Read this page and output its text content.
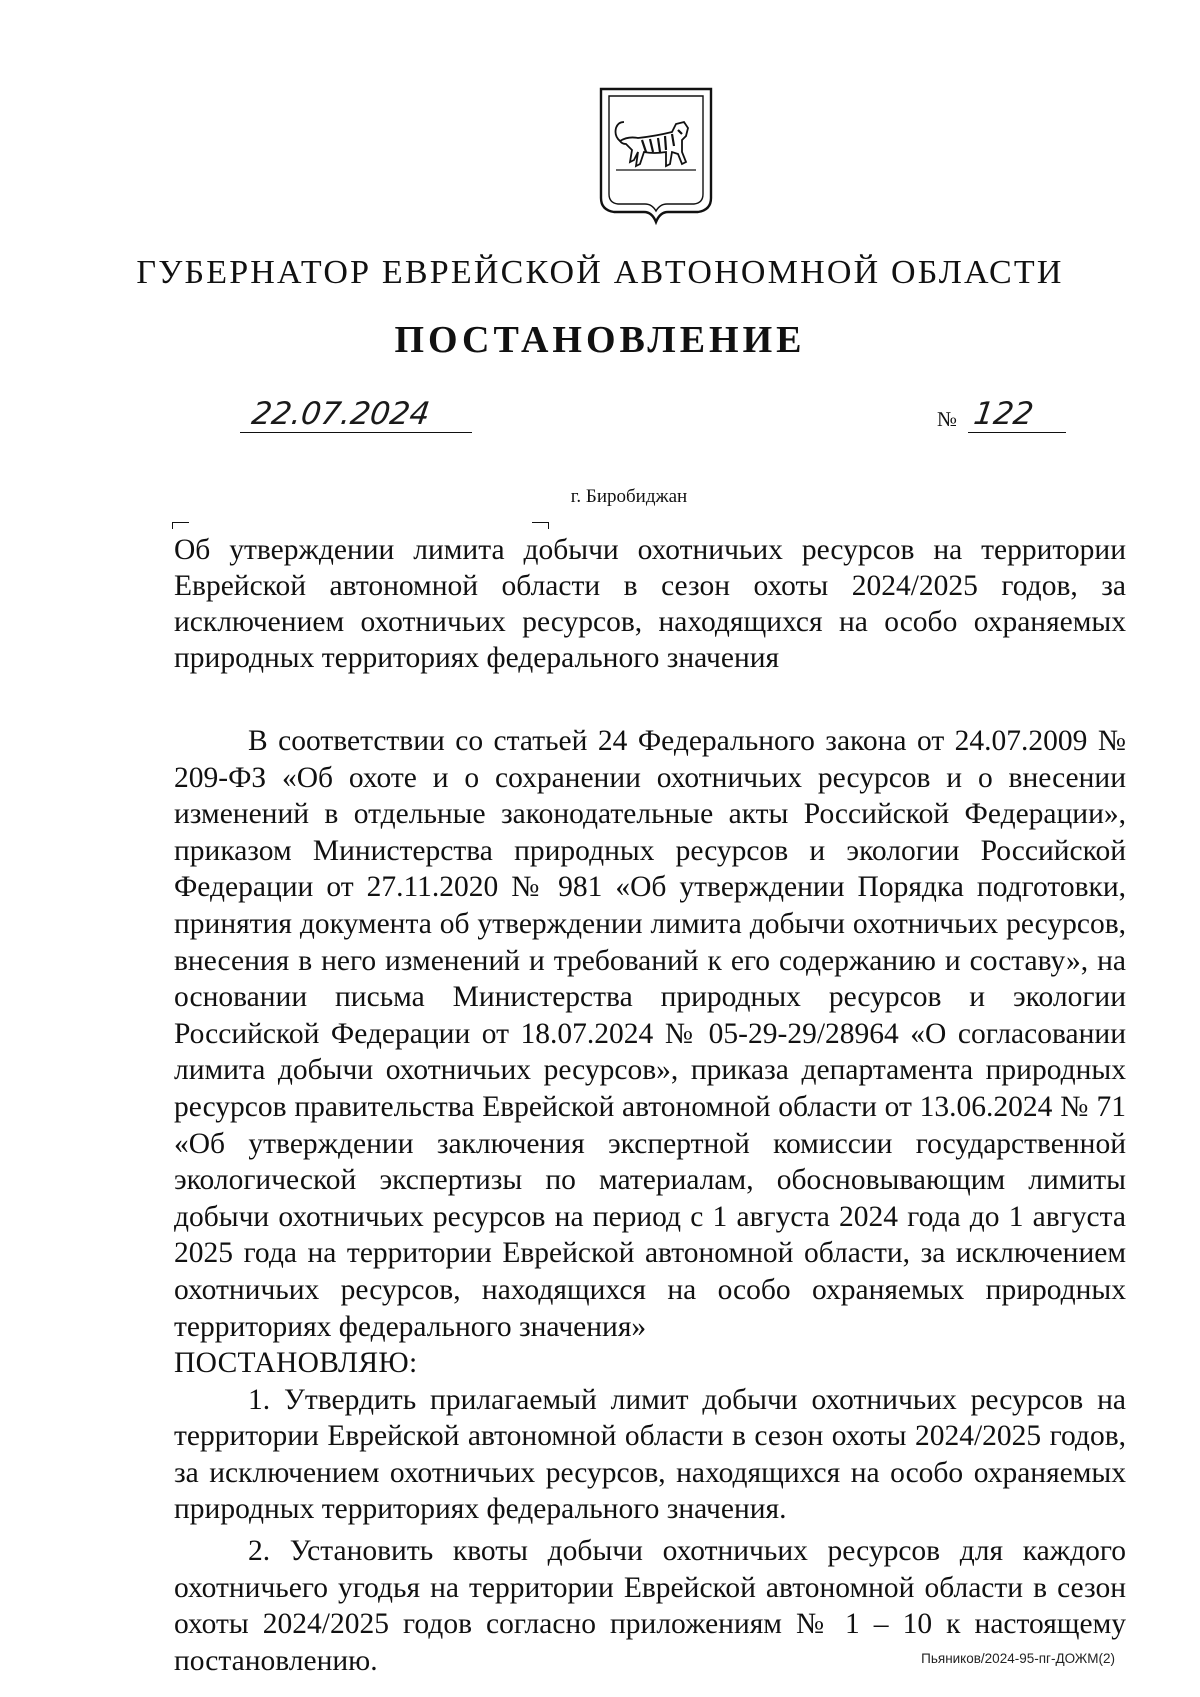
ГУБЕРНАТОР ЕВРЕЙСКОЙ АВТОНОМНОЙ ОБЛАСТИ
ПОСТАНОВЛЕНИЕ
22.07.2024	№ 122
г. Биробиджан
Об утверждении лимита добычи охотничьих ресурсов на территории Еврейской автономной области в сезон охоты 2024/2025 годов, за исключением охотничьих ресурсов, находящихся на особо охраняемых природных территориях федерального значения

В соответствии со статьей 24 Федерального закона от 24.07.2009 № 209-ФЗ «Об охоте и о сохранении охотничьих ресурсов и о внесении изменений в отдельные законодательные акты Российской Федерации», приказом Министерства природных ресурсов и экологии Российской Федерации от 27.11.2020 № 981 «Об утверждении Порядка подготовки, принятия документа об утверждении лимита добычи охотничьих ресурсов, внесения в него изменений и требований к его содержанию и составу», на основании письма Министерства природных ресурсов и экологии Российской Федерации от 18.07.2024 № 05-29-29/28964 «О согласовании лимита добычи охотничьих ресурсов», приказа департамента природных ресурсов правительства Еврейской автономной области от 13.06.2024 № 71 «Об утверждении заключения экспертной комиссии государственной экологической экспертизы по материалам, обосновывающим лимиты добычи охотничьих ресурсов на период с 1 августа 2024 года до 1 августа 2025 года на территории Еврейской автономной области, за исключением охотничьих ресурсов, находящихся на особо охраняемых природных территориях федерального значения»

ПОСТАНОВЛЯЮ:

1. Утвердить прилагаемый лимит добычи охотничьих ресурсов на территории Еврейской автономной области в сезон охоты 2024/2025 годов, за исключением охотничьих ресурсов, находящихся на особо охраняемых природных территориях федерального значения.

2. Установить квоты добычи охотничьих ресурсов для каждого охотничьего угодья на территории Еврейской автономной области в сезон охоты 2024/2025 годов согласно приложениям № 1 – 10 к настоящему постановлению.	Пьяников/2024-95-пг-ДОЖМ(2)
